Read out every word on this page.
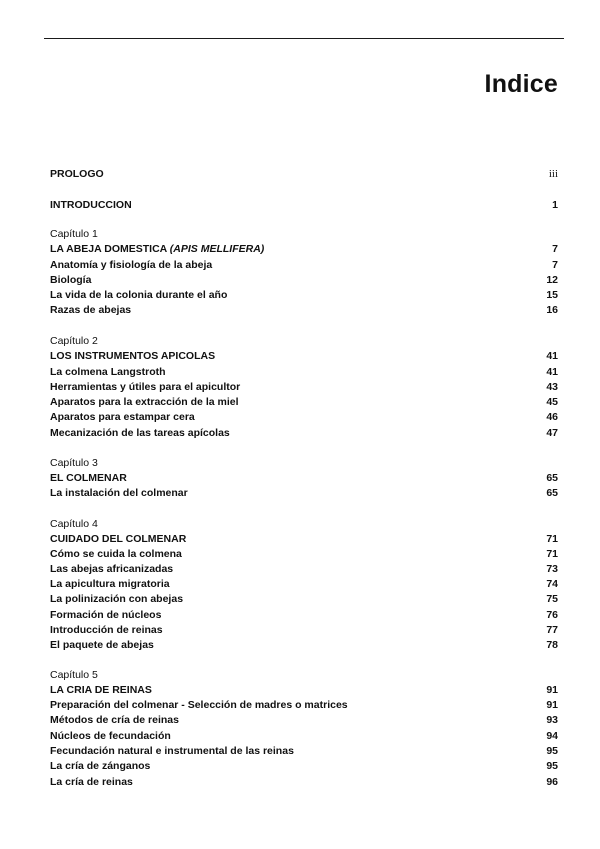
Indice
PROLOGO	iii
INTRODUCCION	1
Capítulo 1
LA ABEJA DOMESTICA (APIS MELLIFERA)	7
Anatomía y fisiología de la abeja	7
Biología	12
La vida de la colonia durante el año	15
Razas de abejas	16
Capítulo 2
LOS INSTRUMENTOS APICOLAS	41
La colmena Langstroth	41
Herramientas y útiles para el apicultor	43
Aparatos para la extracción de la miel	45
Aparatos para estampar cera	46
Mecanización de las tareas apícolas	47
Capítulo 3
EL COLMENAR	65
La instalación del colmenar	65
Capítulo 4
CUIDADO DEL COLMENAR	71
Cómo se cuida la colmena	71
Las abejas africanizadas	73
La apicultura migratoria	74
La polinización con abejas	75
Formación de núcleos	76
Introducción de reinas	77
El paquete de abejas	78
Capítulo 5
LA CRIA DE REINAS	91
Preparación del colmenar - Selección de madres o matrices	91
Métodos de cría de reinas	93
Núcleos de fecundación	94
Fecundación natural e instrumental de las reinas	95
La cría de zánganos	95
La cría de reinas	96
